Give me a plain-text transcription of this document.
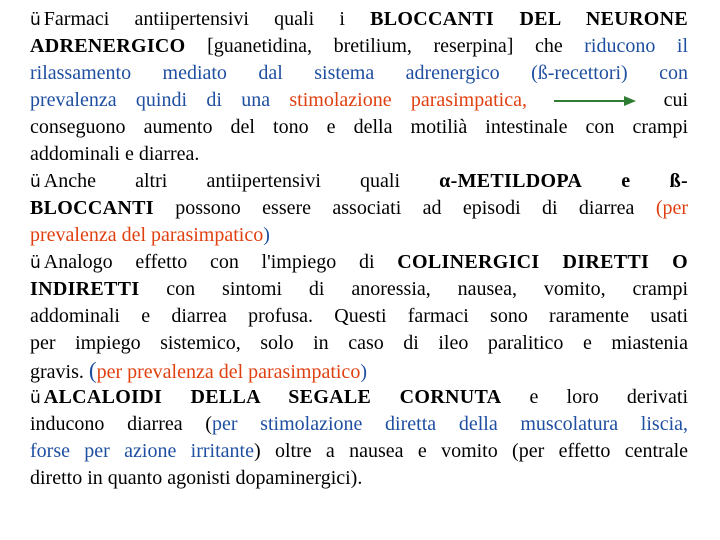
ü Farmaci antiipertensivi quali i BLOCCANTI DEL NEURONE
ADRENERGICO [guanetidina, bretilium, reserpina] che riducono il
rilassamento mediato dal sistema adrenergico (ß-recettori) con
prevalenza quindi di una stimolazione parasimpatica,	cui
conseguono aumento del tono e della motilià intestinale con crampi
addominali e diarrea.
ü Anche altri antiipertensivi quali α-METILDOPA e ß-
BLOCCANTI possono essere associati ad episodi di diarrea (per
prevalenza del parasimpatico)
ü Analogo effetto con l'impiego di COLINERGICI DIRETTI O
INDIRETTI con sintomi di anoressia, nausea, vomito, crampi
addominali e diarrea profusa. Questi farmaci sono raramente usati
per impiego sistemico, solo in caso di ileo paralitico e miastenia
gravis. (per prevalenza del parasimpatico)
ü ALCALOIDI DELLA SEGALE CORNUTA e loro derivati
inducono diarrea (per stimolazione diretta della muscolatura liscia,
forse per azione irritante) oltre a nausea e vomito (per effetto centrale
diretto in quanto agonisti dopaminergici).
